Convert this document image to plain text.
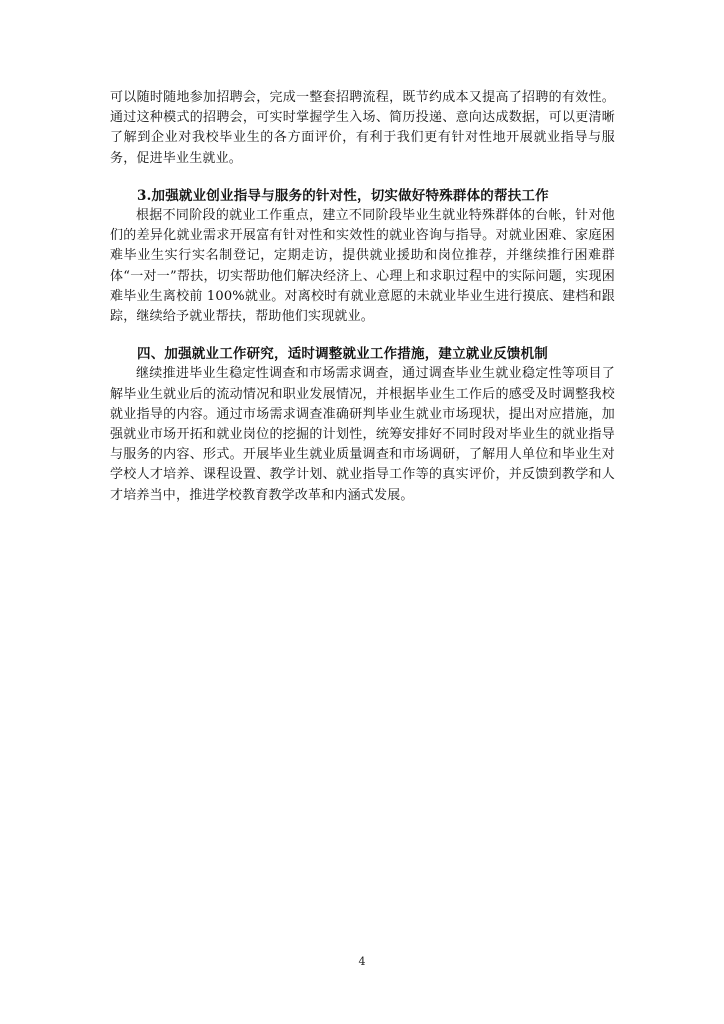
可以随时随地参加招聘会，完成一整套招聘流程，既节约成本又提高了招聘的有效性。通过这种模式的招聘会，可实时掌握学生入场、简历投递、意向达成数据，可以更清晰了解到企业对我校毕业生的各方面评价，有利于我们更有针对性地开展就业指导与服务，促进毕业生就业。

3.加强就业创业指导与服务的针对性，切实做好特殊群体的帮扶工作

根据不同阶段的就业工作重点，建立不同阶段毕业生就业特殊群体的台帐，针对他们的差异化就业需求开展富有针对性和实效性的就业咨询与指导。对就业困难、家庭困难毕业生实行实名制登记，定期走访，提供就业援助和岗位推荐，并继续推行困难群体“一对一”帮扶，切实帮助他们解决经济上、心理上和求职过程中的实际问题，实现困难毕业生离校前 100%就业。对离校时有就业意愿的未就业毕业生进行摸底、建档和跟踪，继续给予就业帮扶，帮助他们实现就业。

四、加强就业工作研究，适时调整就业工作措施，建立就业反馈机制

继续推进毕业生稳定性调查和市场需求调查，通过调查毕业生就业稳定性等项目了解毕业生就业后的流动情况和职业发展情况，并根据毕业生工作后的感受及时调整我校就业指导的内容。通过市场需求调查准确研判毕业生就业市场现状，提出对应措施，加强就业市场开拓和就业岗位的挖掘的计划性，统筹安排好不同时段对毕业生的就业指导与服务的内容、形式。开展毕业生就业质量调查和市场调研，了解用人单位和毕业生对学校人才培养、课程设置、教学计划、就业指导工作等的真实评价，并反馈到教学和人才培养当中，推进学校教育教学改革和内涵式发展。

4
